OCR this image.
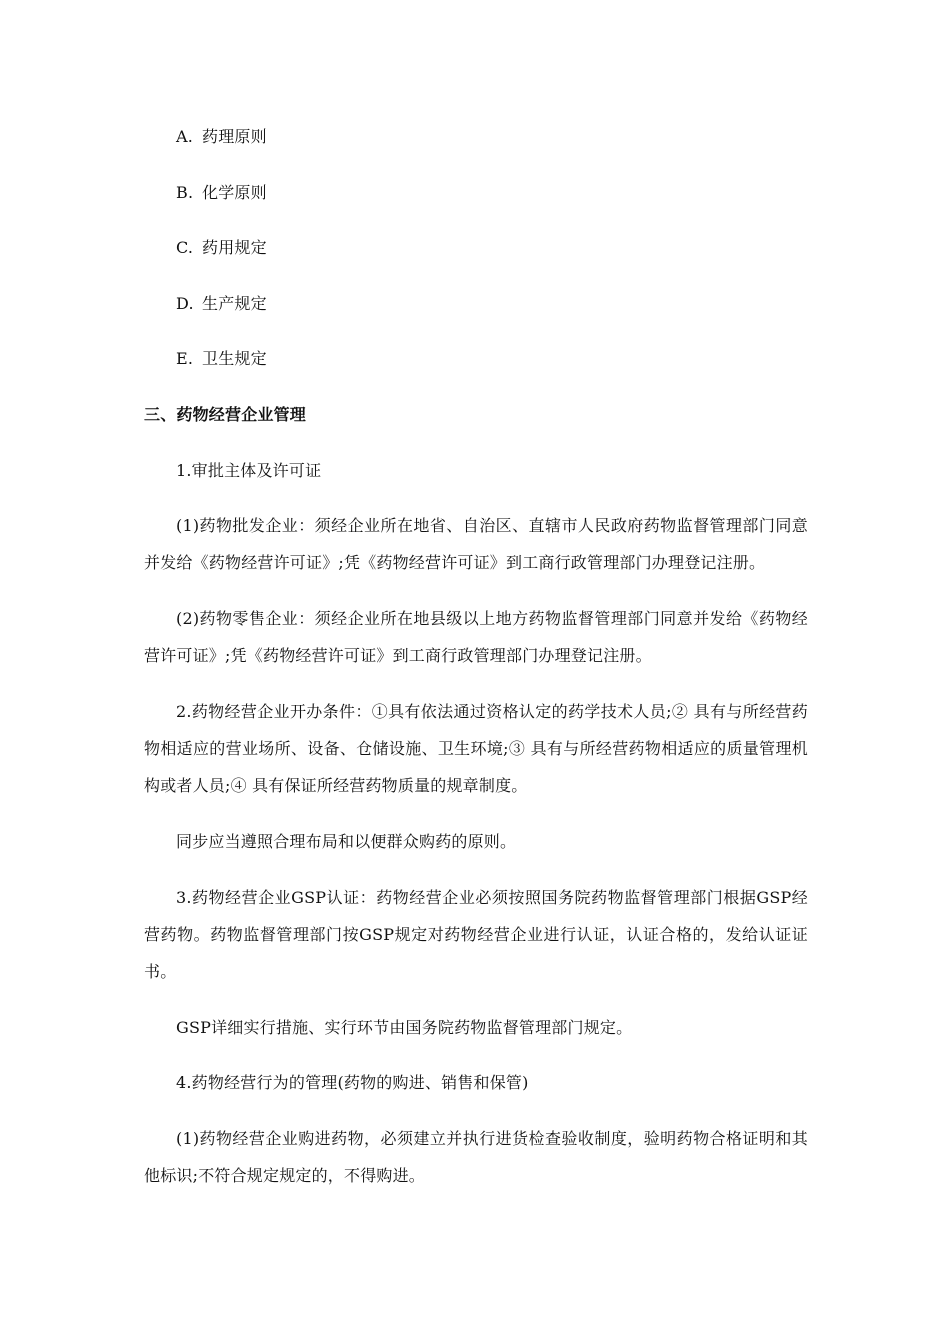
A. 药理原则
B. 化学原则
C. 药用规定
D. 生产规定
E. 卫生规定
三、药物经营企业管理
1.审批主体及许可证
(1)药物批发企业：须经企业所在地省、自治区、直辖市人民政府药物监督管理部门同意并发给《药物经营许可证》;凭《药物经营许可证》到工商行政管理部门办理登记注册。
(2)药物零售企业：须经企业所在地县级以上地方药物监督管理部门同意并发给《药物经营许可证》;凭《药物经营许可证》到工商行政管理部门办理登记注册。
2.药物经营企业开办条件：①具有依法通过资格认定的药学技术人员;② 具有与所经营药物相适应的营业场所、设备、仓储设施、卫生环境;③ 具有与所经营药物相适应的质量管理机构或者人员;④ 具有保证所经营药物质量的规章制度。
同步应当遵照合理布局和以便群众购药的原则。
3.药物经营企业GSP认证：药物经营企业必须按照国务院药物监督管理部门根据GSP经营药物。药物监督管理部门按GSP规定对药物经营企业进行认证，认证合格的，发给认证证书。
GSP详细实行措施、实行环节由国务院药物监督管理部门规定。
4.药物经营行为的管理(药物的购进、销售和保管)
(1)药物经营企业购进药物，必须建立并执行进货检查验收制度，验明药物合格证明和其他标识;不符合规定规定的，不得购进。
